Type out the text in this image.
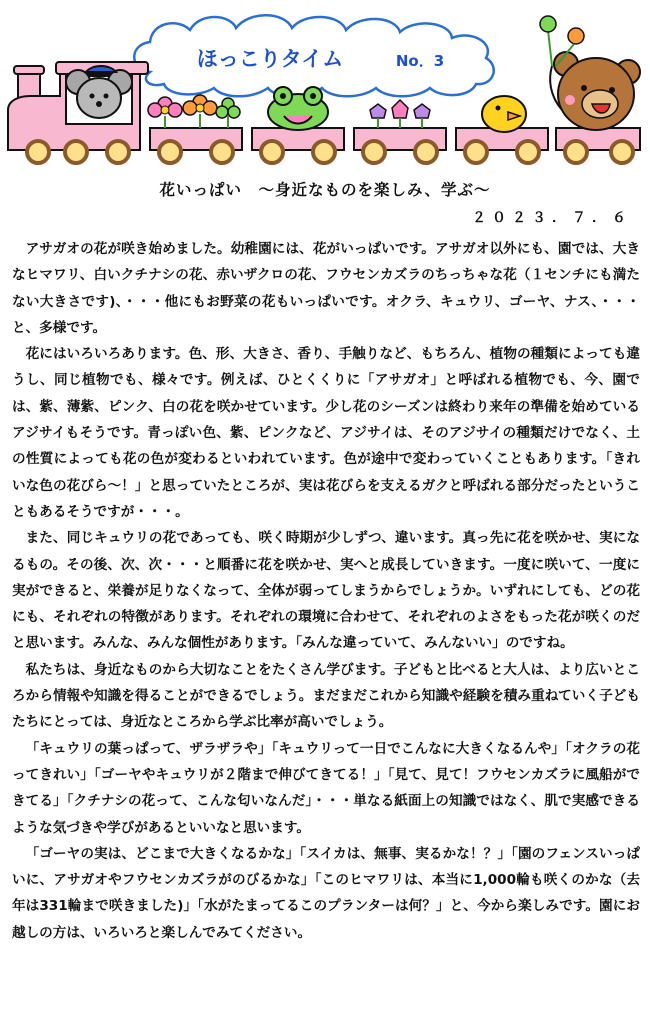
ほっこりタイム	No．3
花いっぱい　～身近なものを楽しみ、学ぶ～
２０２３．７．６

アサガオの花が咲き始めました。幼稚園には、花がいっぱいです。アサガオ以外にも、園では、大きなヒマワリ、白いクチナシの花、赤いザクロの花、フウセンカズラのちっちゃな花（１センチにも満たない大きさです)、・・・他にもお野菜の花もいっぱいです。オクラ、キュウリ、ゴーヤ、ナス、・・・と、多様です。

花にはいろいろあります。色、形、大きさ、香り、手触りなど、もちろん、植物の種類によっても違うし、同じ植物でも、様々です。例えば、ひとくくりに「アサガオ」と呼ばれる植物でも、今、園では、紫、薄紫、ピンク、白の花を咲かせています。少し花のシーズンは終わり来年の準備を始めているアジサイもそうです。青っぽい色、紫、ピンクなど、アジサイは、そのアジサイの種類だけでなく、土の性質によっても花の色が変わるといわれています。色が途中で変わっていくこともあります。「きれいな色の花びら～！」と思っていたところが、実は花びらを支えるガクと呼ばれる部分だったということもあるそうですが・・・。

また、同じキュウリの花であっても、咲く時期が少しずつ、違います。真っ先に花を咲かせ、実になるもの。その後、次、次・・・と順番に花を咲かせ、実へと成長していきます。一度に咲いて、一度に実ができると、栄養が足りなくなって、全体が弱ってしまうからでしょうか。いずれにしても、どの花にも、それぞれの特徴があります。それぞれの環境に合わせて、それぞれのよさをもった花が咲くのだと思います。みんな、みんな個性があります。「みんな違っていて、みんないい」のですね。

私たちは、身近なものから大切なことをたくさん学びます。子どもと比べると大人は、より広いところから情報や知識を得ることができるでしょう。まだまだこれから知識や経験を積み重ねていく子どもたちにとっては、身近なところから学ぶ比率が高いでしょう。

「キュウリの葉っぱって、ザラザラや」「キュウリって一日でこんなに大きくなるんや」「オクラの花ってきれい」「ゴーヤやキュウリが２階まで伸びてきてる！」「見て、見て！フウセンカズラに風船ができてる」「クチナシの花って、こんな匂いなんだ」・・・単なる紙面上の知識ではなく、肌で実感できるような気づきや学びがあるといいなと思います。

「ゴーヤの実は、どこまで大きくなるかな」「スイカは、無事、実るかな！？」「園のフェンスいっぱいに、アサガオやフウセンカズラがのびるかな」「このヒマワリは、本当に1,000輪も咲くのかな（去年は331輪まで咲きました)」「水がたまってるこのプランターは何？」と、今から楽しみです。園にお越しの方は、いろいろと楽しんでみてください。
